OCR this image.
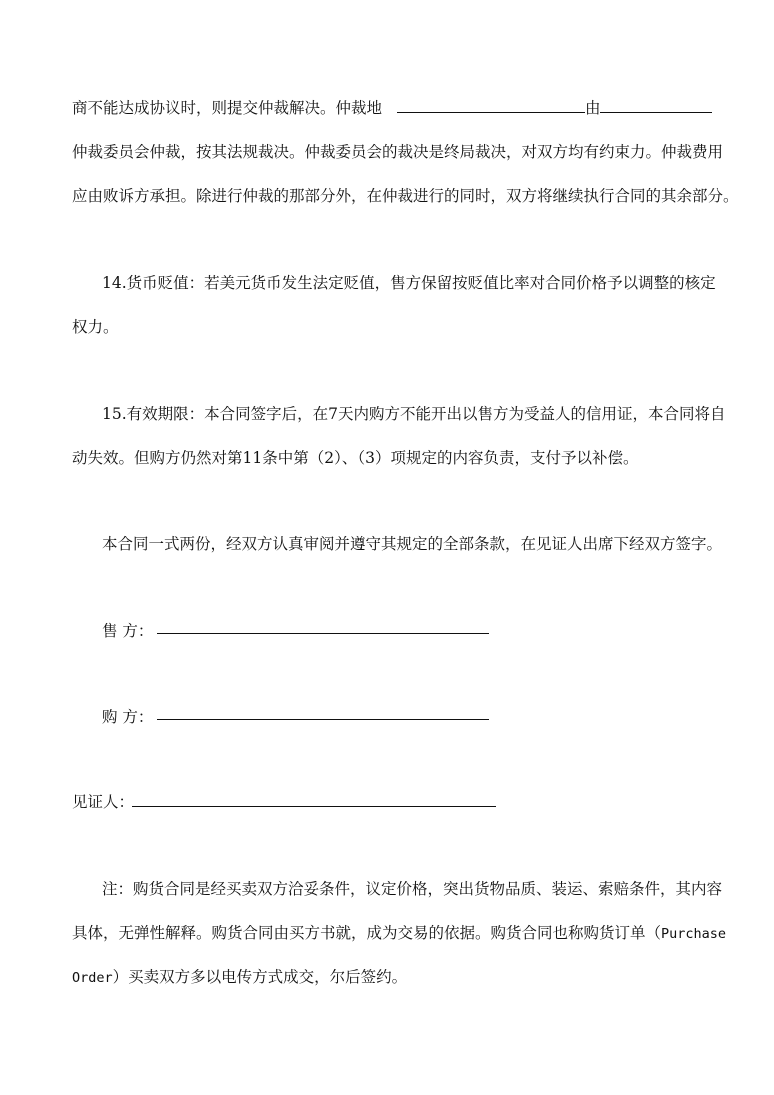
商不能达成协议时，则提交仲裁解决。仲裁地	由
仲裁委员会仲裁，按其法规裁决。仲裁委员会的裁决是终局裁决，对双方均有约束力。仲裁费用
应由败诉方承担。除进行仲裁的那部分外，在仲裁进行的同时，双方将继续执行合同的其余部分。
14.货币贬值：若美元货币发生法定贬值，售方保留按贬值比率对合同价格予以调整的核定
权力。
15.有效期限：本合同签字后，在7天内购方不能开出以售方为受益人的信用证，本合同将自
动失效。但购方仍然对第11条中第（2）、（3）项规定的内容负责，支付予以补偿。
本合同一式两份，经双方认真审阅并遵守其规定的全部条款，在见证人出席下经双方签字。
售 方：
购 方：
见证人：
注：购货合同是经买卖双方洽妥条件，议定价格，突出货物品质、装运、索赔条件，其内容
具体，无弹性解释。购货合同由买方书就，成为交易的依据。购货合同也称购货订单（Purchase
Order）买卖双方多以电传方式成交，尔后签约。
